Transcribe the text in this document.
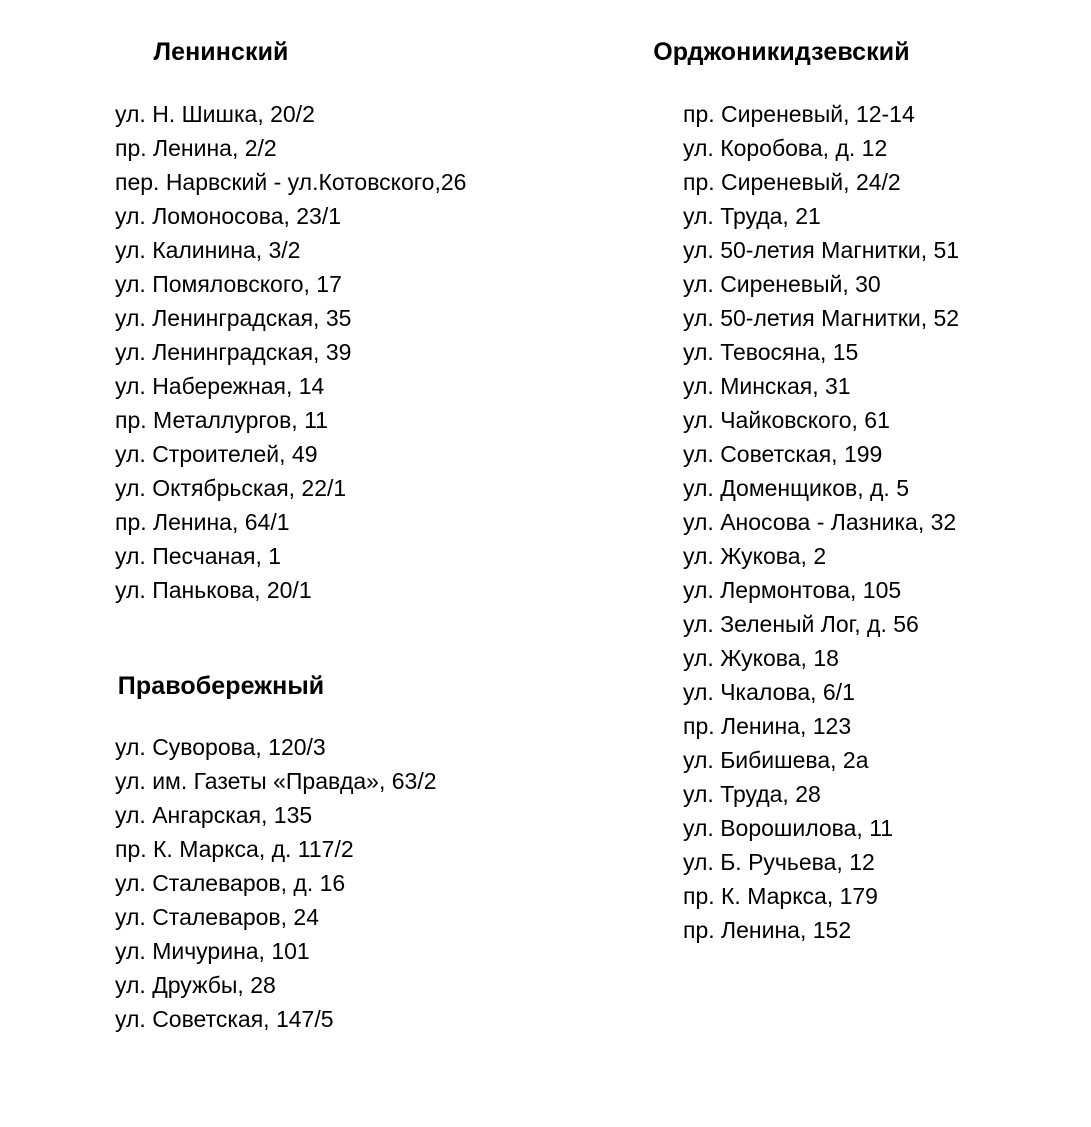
Ленинский
ул. Н. Шишка, 20/2
пр. Ленина, 2/2
пер. Нарвский - ул.Котовского,26
ул. Ломоносова, 23/1
ул. Калинина, 3/2
ул. Помяловского, 17
ул. Ленинградская, 35
ул. Ленинградская, 39
ул. Набережная, 14
пр. Металлургов, 11
ул. Строителей, 49
ул. Октябрьская, 22/1
пр. Ленина, 64/1
ул. Песчаная, 1
ул. Панькова, 20/1
Правобережный
ул. Суворова, 120/3
ул. им. Газеты «Правда», 63/2
ул. Ангарская, 135
пр. К. Маркса, д. 117/2
ул. Сталеваров, д. 16
ул. Сталеваров, 24
ул. Мичурина, 101
ул. Дружбы, 28
ул. Советская, 147/5
Орджоникидзевский
пр. Сиреневый, 12-14
ул. Коробова, д. 12
пр. Сиреневый, 24/2
ул. Труда, 21
ул. 50-летия Магнитки, 51
ул. Сиреневый, 30
ул. 50-летия Магнитки, 52
ул. Тевосяна, 15
ул. Минская, 31
ул. Чайковского, 61
ул. Советская, 199
ул. Доменщиков, д. 5
ул. Аносова - Лазника, 32
ул. Жукова, 2
ул. Лермонтова, 105
ул. Зеленый Лог, д. 56
ул. Жукова, 18
ул. Чкалова, 6/1
пр. Ленина, 123
ул. Бибишева, 2а
ул. Труда, 28
ул. Ворошилова, 11
ул. Б. Ручьева, 12
пр. К. Маркса, 179
пр. Ленина, 152
